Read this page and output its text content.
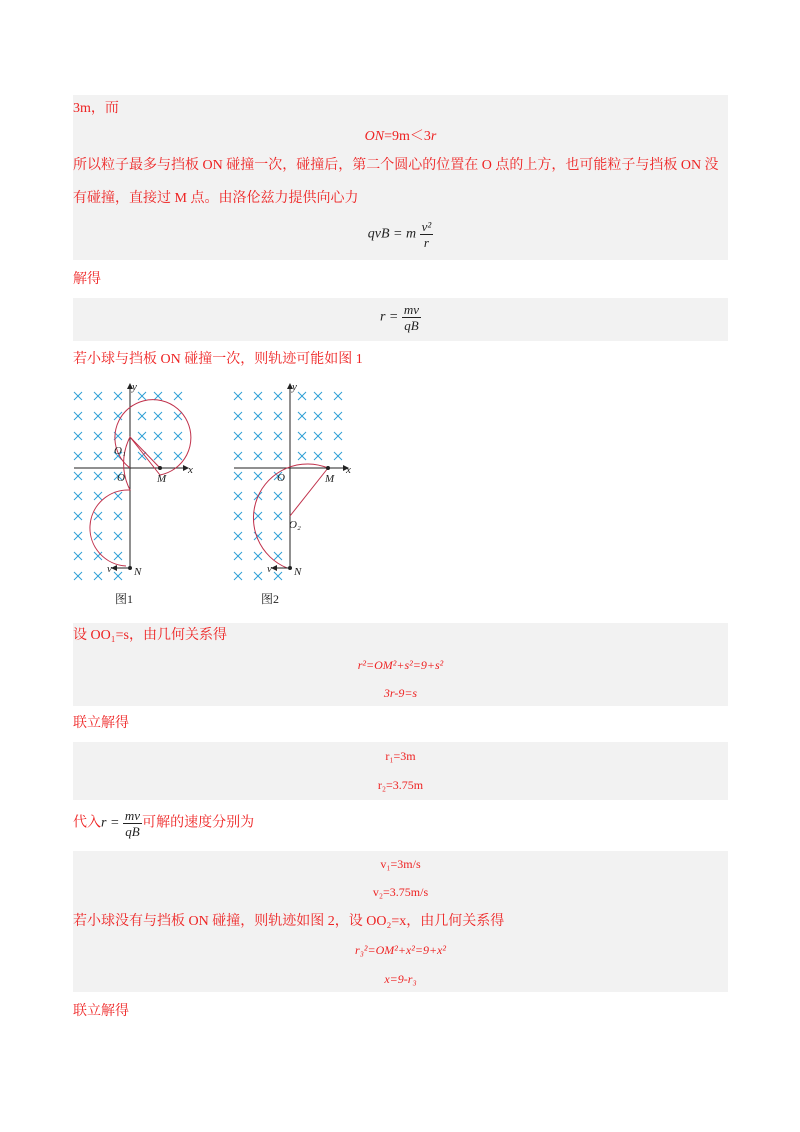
3m，而
ON=9m＜3r
所以粒子最多与挡板 ON 碰撞一次，碰撞后，第二个圆心的位置在 O 点的上方，也可能粒子与挡板 ON 没
有碰撞，直接过 M 点。由洛伦兹力提供向心力
qvB = m $\frac{\text{v²}}{r}$
解得
$r = \frac{mv}{qB}$
若小球与挡板 ON 碰撞一次，则轨迹可能如图 1
y
x
O	M
O₁
N
v
图1
y
x
O	M
O₂
N
v
图2
设 OO₁=s，由几何关系得
r²=OM²+s²=9+s²
3r-9=s
联立解得
r₁=3m
r₂=3.75m
代入$r = \frac{mv}{qB}$ 可解的速度分别为
v₁=3m/s
v₂=3.75m/s
若小球没有与挡板 ON 碰撞，则轨迹如图 2，设 OO₂=x，由几何关系得
r₃²=OM²+x²=9+x²
x=9-r₃
联立解得
